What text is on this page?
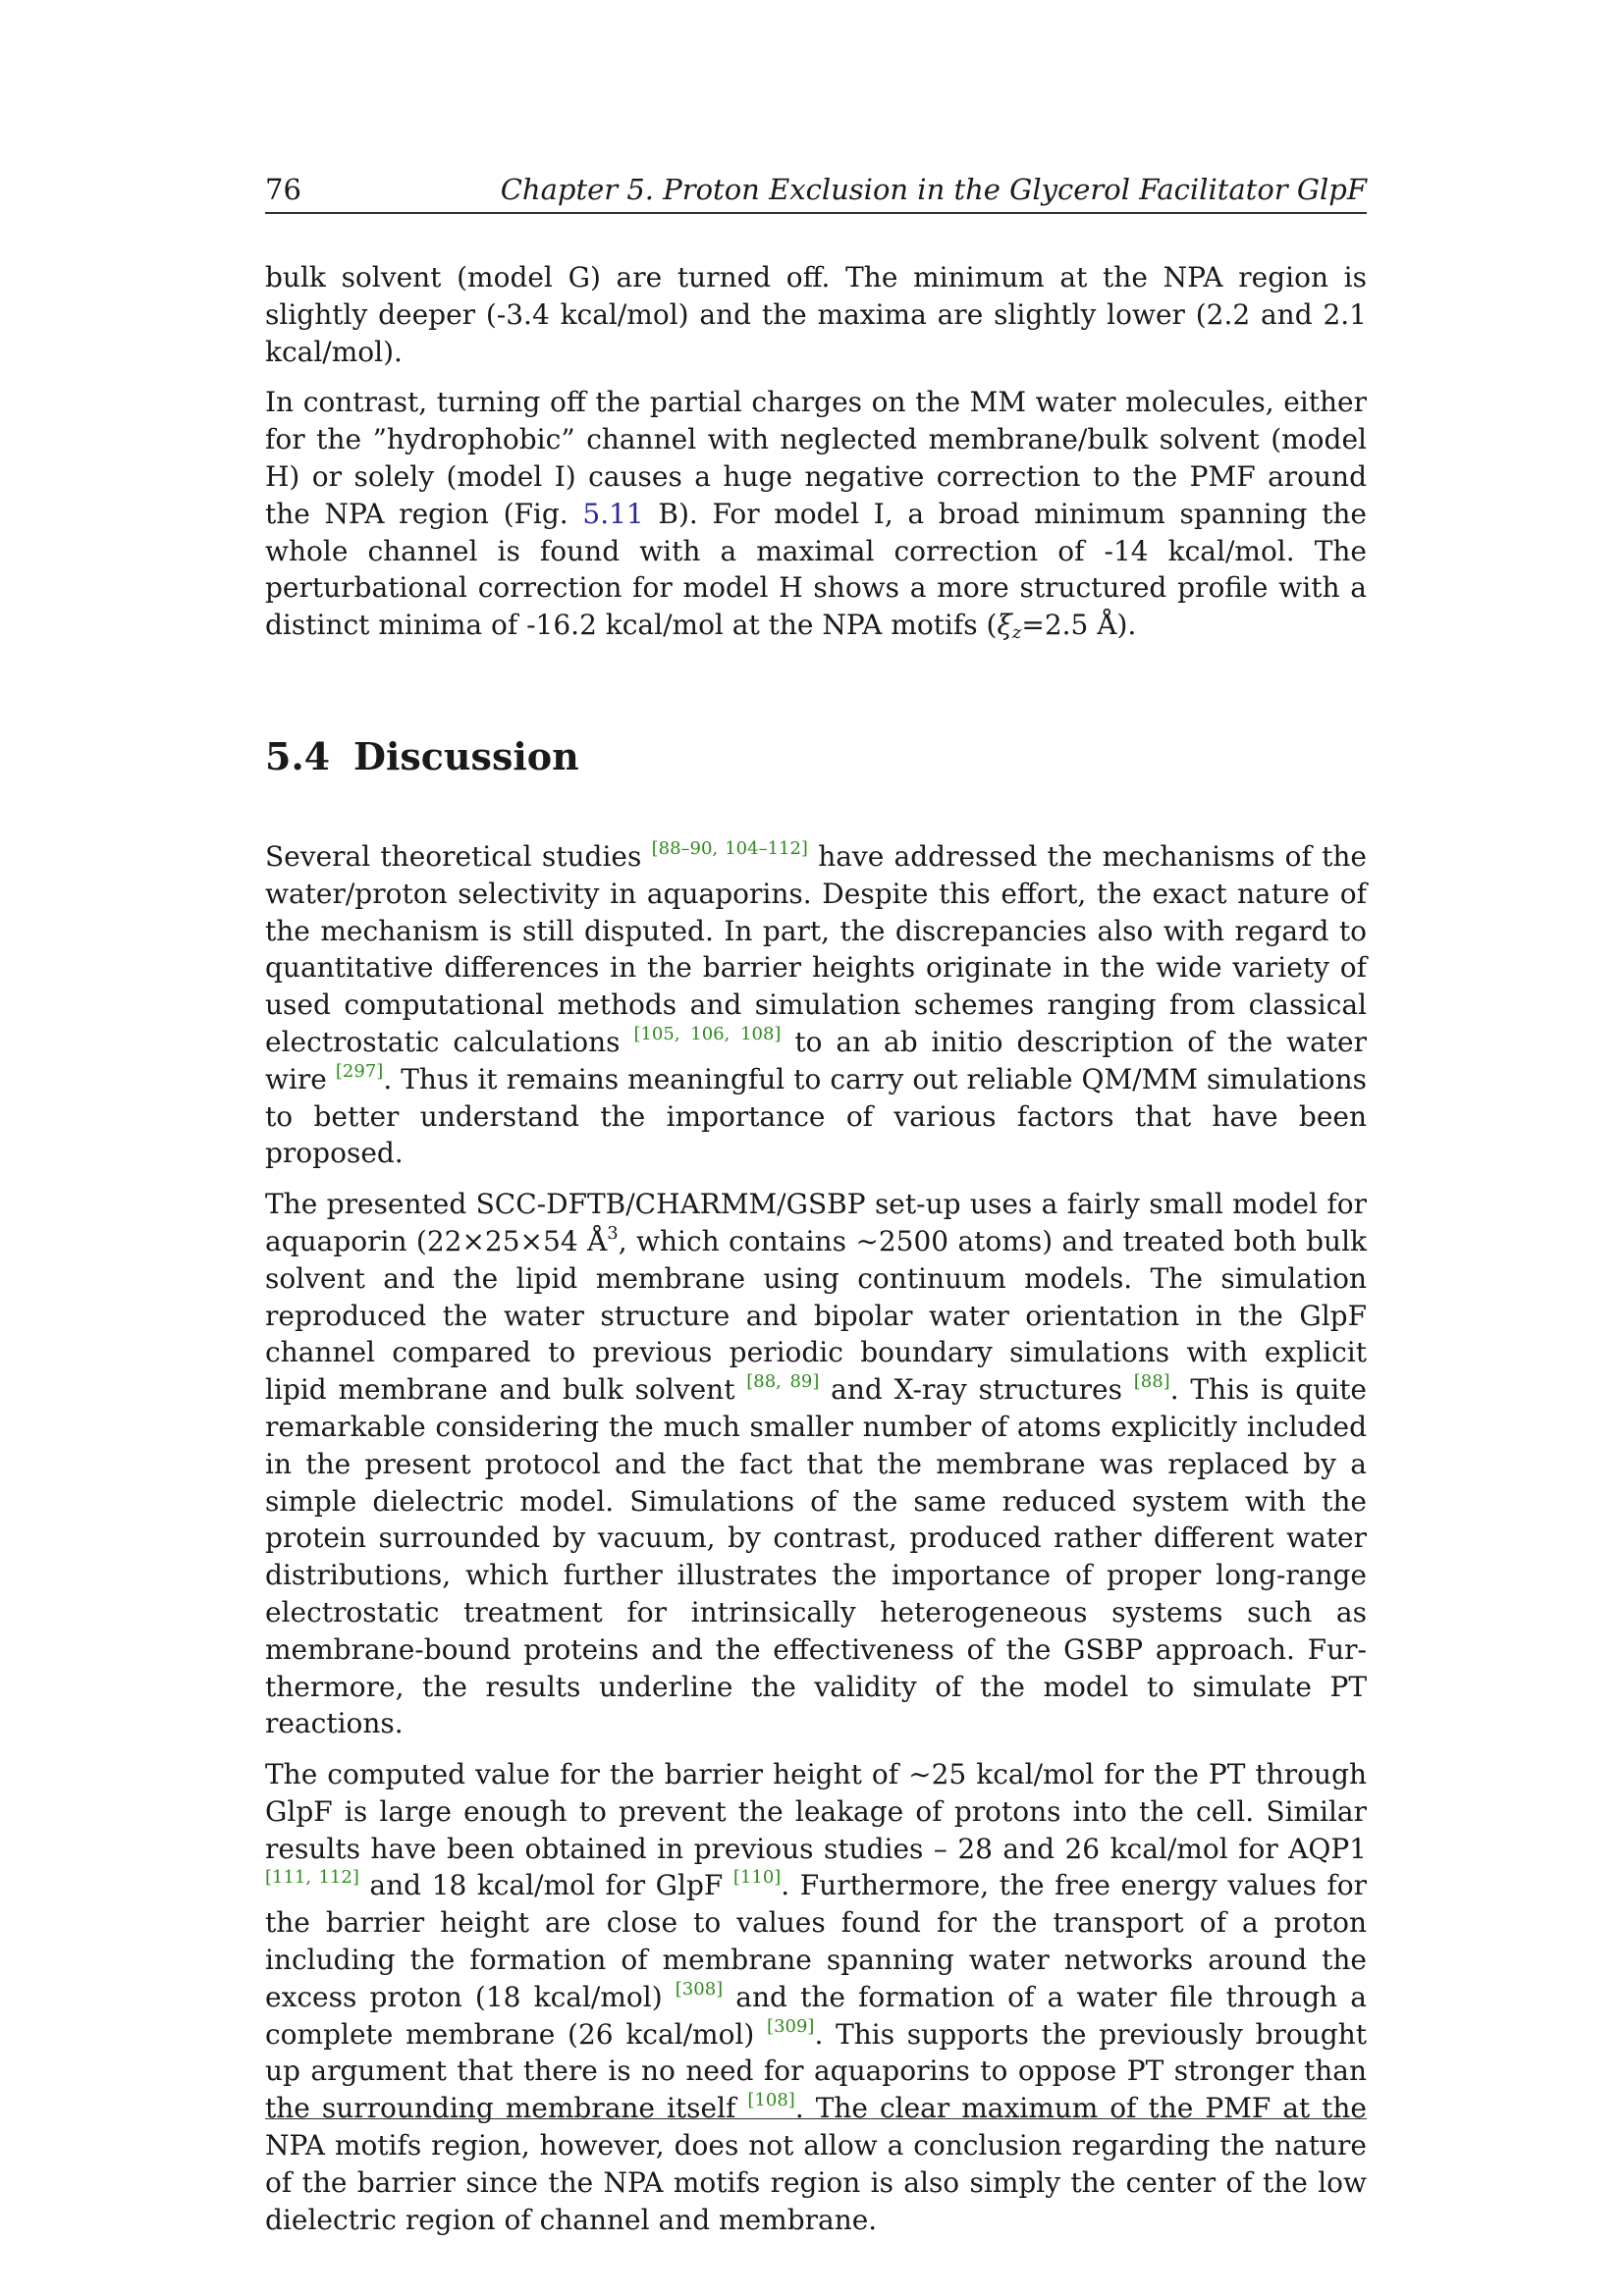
76	Chapter 5. Proton Exclusion in the Glycerol Facilitator GlpF

bulk solvent (model G) are turned off. The minimum at the NPA region is slightly deeper (-3.4 kcal/mol) and the maxima are slightly lower (2.2 and 2.1 kcal/mol).

In contrast, turning off the partial charges on the MM water molecules, either for the ”hydrophobic” channel with neglected membrane/bulk solvent (model H) or solely (model I) causes a huge negative correction to the PMF around the NPA region (Fig. 5.11 B). For model I, a broad minimum spanning the whole channel is found with a maximal correction of -14 kcal/mol. The perturbational correction for model H shows a more structured profile with a distinct minima of -16.2 kcal/mol at the NPA motifs ($\xi_z=2.5$ Å).

5.4 Discussion

Several theoretical studies [88–90, 104–112] have addressed the mechanisms of the water/proton selectivity in aquaporins. Despite this effort, the exact nature of the mechanism is still disputed. In part, the discrepancies also with regard to quantitative differences in the barrier heights originate in the wide variety of used computational methods and simulation schemes ranging from classical electrostatic calculations [105, 106, 108] to an ab initio description of the water wire [297]. Thus it remains meaningful to carry out reliable QM/MM simulations to better understand the importance of various factors that have been proposed.

The presented SCC-DFTB/CHARMM/GSBP set-up uses a fairly small model for aquaporin (22×25×54 $Å^3$, which contains ∼2500 atoms) and treated both bulk solvent and the lipid membrane using continuum models. The simulation reproduced the water structure and bipolar water orientation in the GlpF channel compared to previous periodic boundary simulations with explicit lipid membrane and bulk solvent [88, 89] and X-ray structures [88]. This is quite remarkable considering the much smaller number of atoms explicitly included in the present protocol and the fact that the membrane was replaced by a simple dielectric model. Simulations of the same reduced system with the protein surrounded by vacuum, by contrast, produced rather different water distributions, which further illustrates the importance of proper long-range electrostatic treatment for intrinsically heterogeneous systems such as membrane-bound proteins and the effectiveness of the GSBP approach. Furthermore, the results underline the validity of the model to simulate PT reactions.

The computed value for the barrier height of ∼25 kcal/mol for the PT through GlpF is large enough to prevent the leakage of protons into the cell. Similar results have been obtained in previous studies – 28 and 26 kcal/mol for AQP1 [111, 112] and 18 kcal/mol for GlpF [110]. Furthermore, the free energy values for the barrier height are close to values found for the transport of a proton including the formation of membrane spanning water networks around the excess proton (18 kcal/mol) [308] and the formation of a water file through a complete membrane (26 kcal/mol) [309]. This supports the previously brought up argument that there is no need for aquaporins to oppose PT stronger than the surrounding membrane itself [108]. The clear maximum of the PMF at the NPA motifs region, however, does not allow a conclusion regarding the nature of the barrier since the NPA motifs region is also simply the center of the low dielectric region of channel and membrane.
